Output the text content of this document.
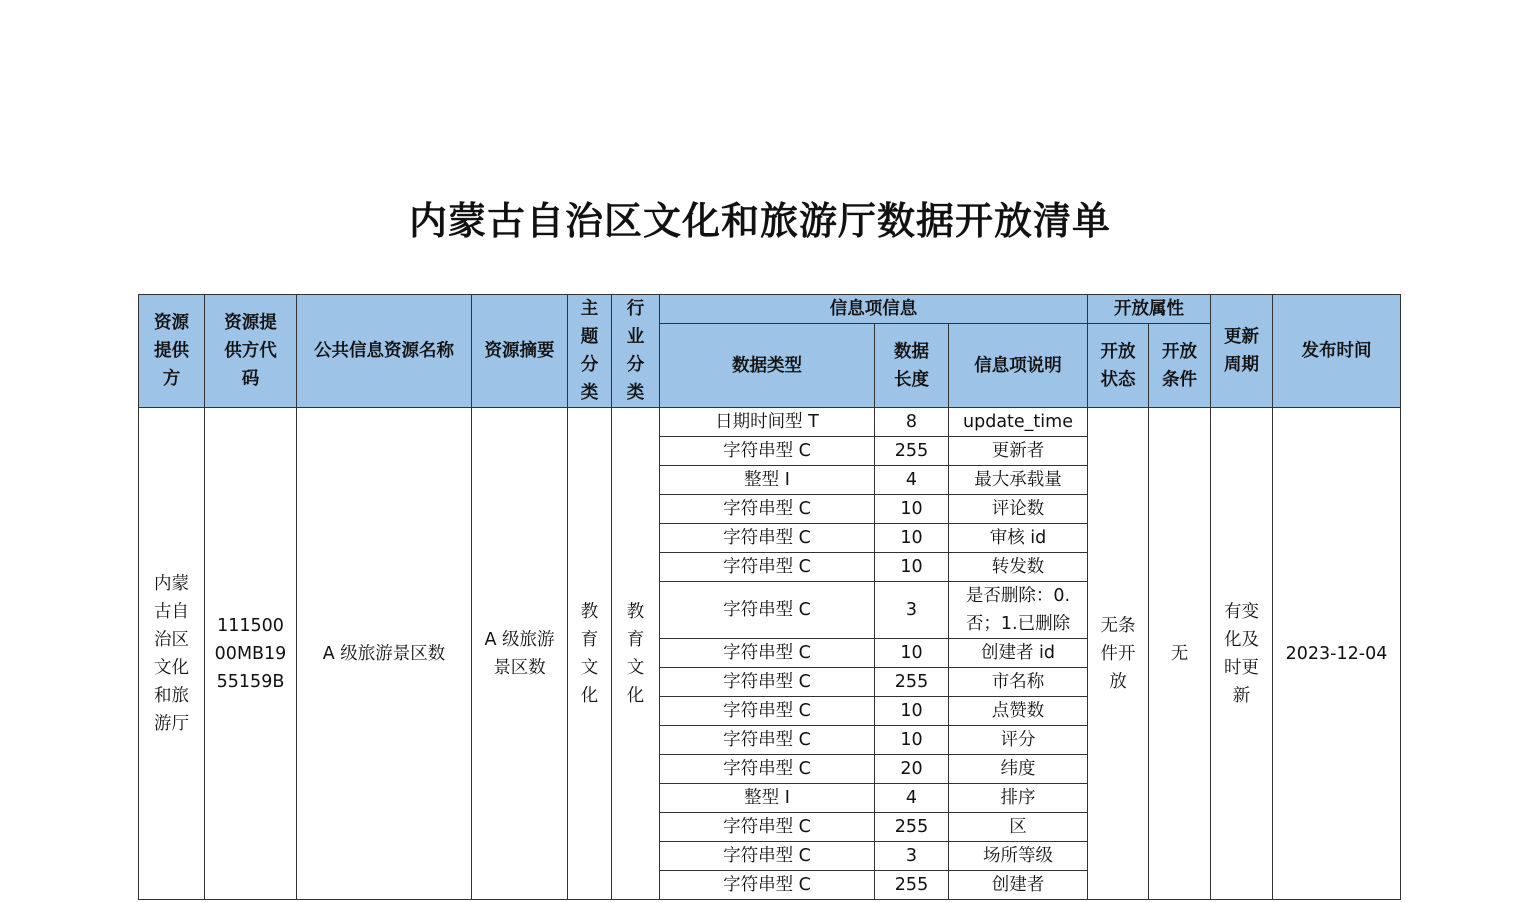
内蒙古自治区文化和旅游厅数据开放清单
资源提供方	资源提供方代码	公共信息资源名称	资源摘要	主题分类	行业分类	信息项信息			开放属性		更新周期	发布时间
						数据类型	数据长度	信息项说明	开放状态	开放条件		
内蒙古自治区文化和旅游厅	11150000MB1955159B	A 级旅游景区数	A 级旅游景区数	教育文化	教育文化	日期时间型 T	8	update_time	无条件开放	无	有变化及时更新	2023-12-04
						字符串型 C	255	更新者				
						整型 I	4	最大承载量				
						字符串型 C	10	评论数				
						字符串型 C	10	审核 id				
						字符串型 C	10	转发数				
						字符串型 C	3	是否删除：0.否；1.已删除				
						字符串型 C	10	创建者 id				
						字符串型 C	255	市名称				
						字符串型 C	10	点赞数				
						字符串型 C	10	评分				
						字符串型 C	20	纬度				
						整型 I	4	排序				
						字符串型 C	255	区				
						字符串型 C	3	场所等级				
						字符串型 C	255	创建者				
